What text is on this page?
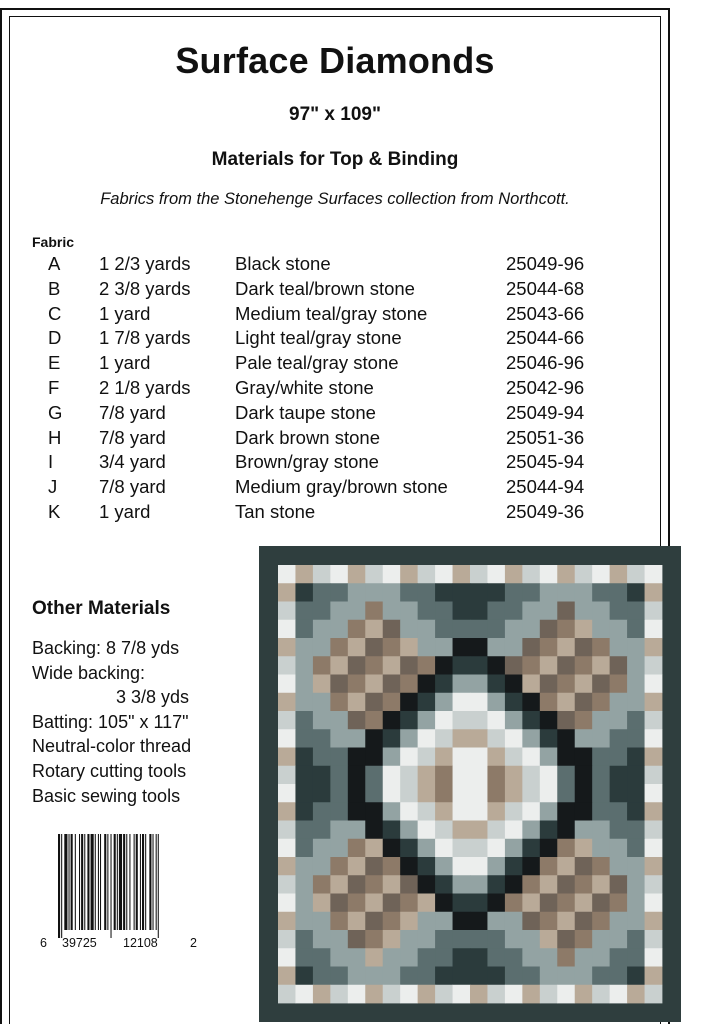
Surface Diamonds
97" x 109"
Materials for Top & Binding
Fabrics from the Stonehenge Surfaces collection from Northcott.
Fabric
A 1 2/3 yards Black stone	25049-96
B 2 3/8 yards Dark teal/brown stone	25044-68
C 1 yard	Medium teal/gray stone	25043-66
D 1 7/8 yards Light teal/gray stone	25044-66
E 1 yard	Pale teal/gray stone	25046-96
F 2 1/8 yards Gray/white stone	25042-96
G 7/8 yard	Dark taupe stone	25049-94
H 7/8 yard	Dark brown stone	25051-36
I 3/4 yard	Brown/gray stone	25045-94
J 7/8 yard	Medium gray/brown stone	25044-94
K 1 yard	Tan stone	25049-36
Other Materials
Backing: 8 7/8 yds
Wide backing:
3 3/8 yds
Batting: 105" x 117"
Neutral-color thread
Rotary cutting tools
Basic sewing tools
6 39725 12108	2
